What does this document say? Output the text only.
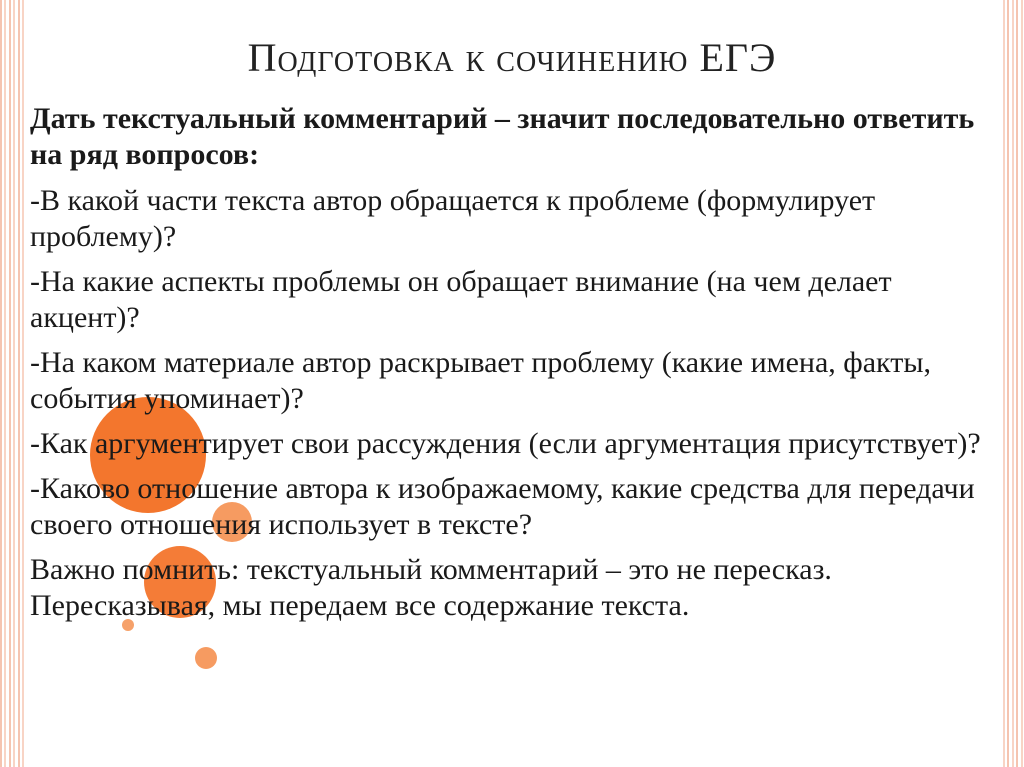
Подготовка к сочинению ЕГЭ

Дать текстуальный комментарий – значит последовательно ответить на ряд вопросов:

-В какой части текста автор обращается к проблеме (формулирует проблему)?

-На какие аспекты проблемы он обращает внимание (на чем делает акцент)?

-На каком материале автор раскрывает проблему (какие имена, факты, события упоминает)?

-Как аргументирует свои рассуждения (если аргументация присутствует)?

-Каково отношение автора к изображаемому, какие средства для передачи своего отношения использует в тексте?

Важно помнить: текстуальный комментарий – это не пересказ. Пересказывая, мы передаем все содержание текста.
